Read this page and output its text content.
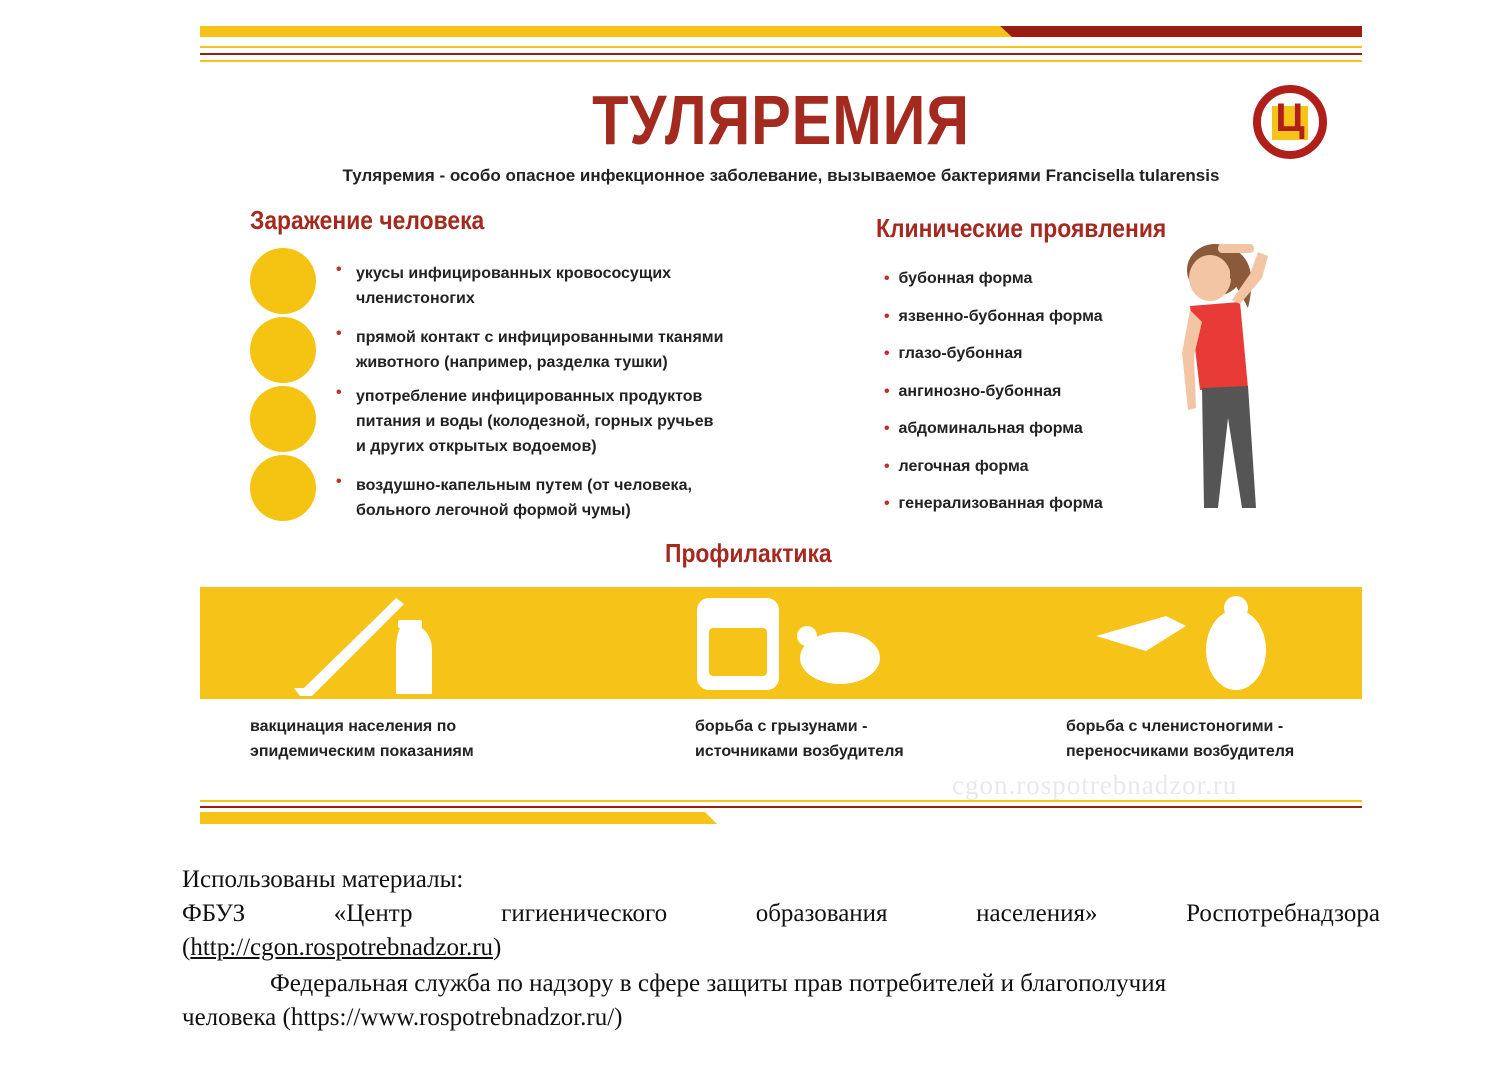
ТУЛЯРЕМИЯ	Ц
Туляремия - особо опасное инфекционное заболевание, вызываемое бактериями Francisella tularensis
Заражение человека
• укусы инфицированных кровососущих
членистоногих
• прямой контакт с инфицированными тканями
животного (например, разделка тушки)
• употребление инфицированных продуктов
питания и воды (колодезной, горных ручьев
и других открытых водоемов)
• воздушно-капельным путем (от человека,
больного легочной формой чумы)
Клинические проявления
• бубонная форма
• язвенно-бубонная форма
• глазо-бубонная
• ангинозно-бубонная
• абдоминальная форма
• легочная форма
• генерализованная форма
Профилактика
вакцинация населения по
эпидемическим показаниям
борьба с грызунами -
источниками возбудителя
борьба с членистоногими -
переносчиками возбудителя
cgon.rospotrebnadzor.ru
Использованы материалы:
ФБУЗ	«Центр	гигиенического	образования	населения»	Роспотребнадзора
(http://cgon.rospotrebnadzor.ru)
Федеральная служба по надзору в сфере защиты прав потребителей и благополучия
человека (https://www.rospotrebnadzor.ru/)
